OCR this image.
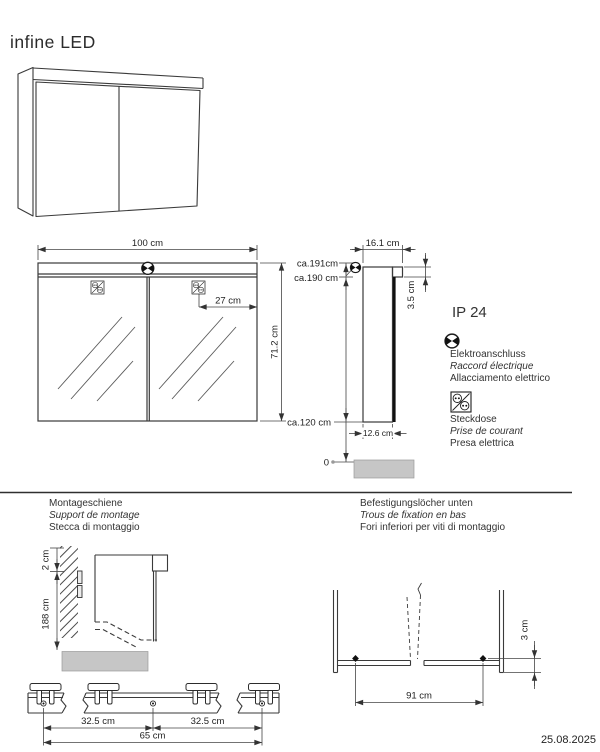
100 cm
27 cm
71.2 cm
ca.191cm
ca.190 cm
ca.120 cm
0
16.1 cm
3.5 cm
12.6 cm
2 cm
188 cm
91 cm
3 cm
32.5 cm	32.5 cm
65 cm
infine LED
IP 24
Elektroanschluss
Raccord électrique
Allacciamento elettrico
Steckdose
Prise de courant
Presa elettrica
Montageschiene
Support de montage
Stecca di montaggio
Befestigungslöcher unten
Trous de fixation en bas
Fori inferiori per viti di montaggio
25.08.2025
